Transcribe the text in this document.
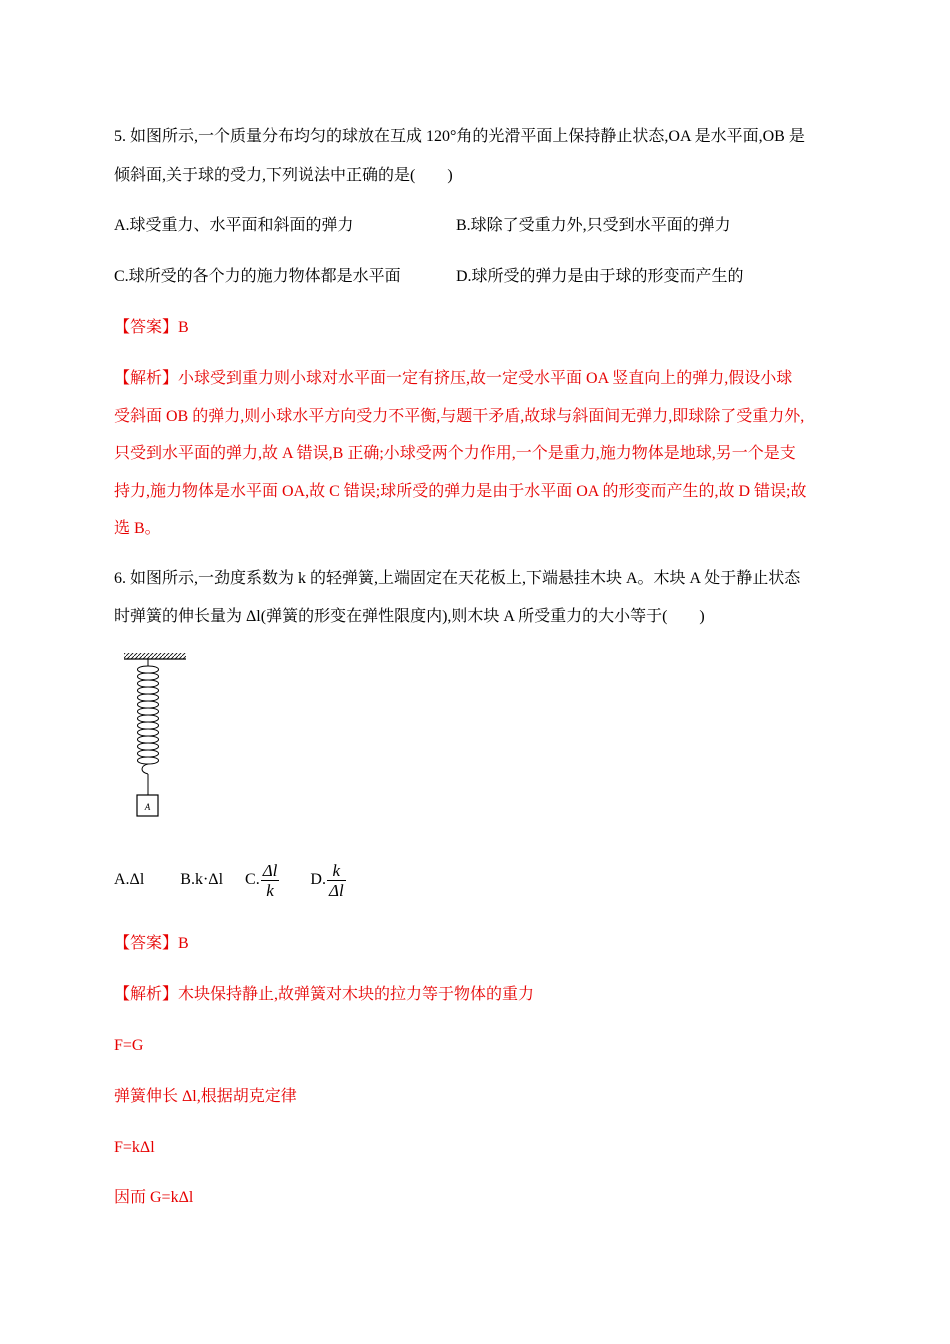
5. 如图所示,一个质量分布均匀的球放在互成 120°角的光滑平面上保持静止状态,OA 是水平面,OB 是
倾斜面,关于球的受力,下列说法中正确的是(　　)
A.球受重力、水平面和斜面的弹力	B.球除了受重力外,只受到水平面的弹力
C.球所受的各个力的施力物体都是水平面	D.球所受的弹力是由于球的形变而产生的
【答案】B
【解析】小球受到重力则小球对水平面一定有挤压,故一定受水平面 OA 竖直向上的弹力,假设小球
受斜面 OB 的弹力,则小球水平方向受力不平衡,与题干矛盾,故球与斜面间无弹力,即球除了受重力外,
只受到水平面的弹力,故 A 错误,B 正确;小球受两个力作用,一个是重力,施力物体是地球,另一个是支
持力,施力物体是水平面 OA,故 C 错误;球所受的弹力是由于水平面 OA 的形变而产生的,故 D 错误;故
选 B。
6. 如图所示,一劲度系数为 k 的轻弹簧,上端固定在天花板上,下端悬挂木块 A。木块 A 处于静止状态
时弹簧的伸长量为 Δl(弹簧的形变在弹性限度内),则木块 A 所受重力的大小等于(　　)
A
A.Δl B.k·Δl C. $\frac{\Delta l}{k} D$. $\frac{k}{\Delta l}$
【答案】B
【解析】木块保持静止,故弹簧对木块的拉力等于物体的重力
F=G
弹簧伸长 Δl,根据胡克定律
F=kΔl
因而 G=kΔl
